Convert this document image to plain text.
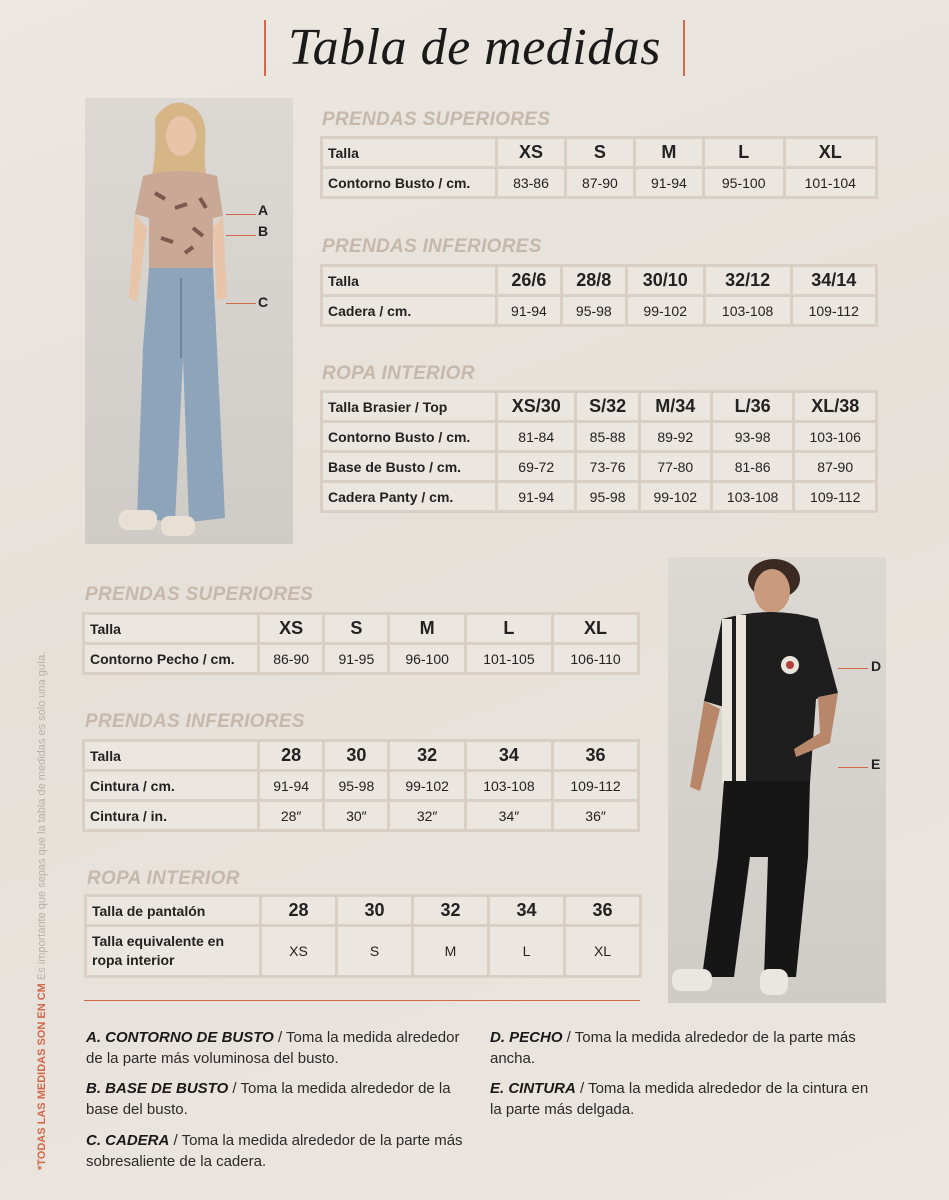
Tabla de medidas
A
B
C
PRENDAS SUPERIORES
Talla	XS	S	M	L	XL
Contorno Busto / cm.	83-86	87-90	91-94	95-100	101-104
PRENDAS INFERIORES
Talla	26/6	28/8	30/10	32/12	34/14
Cadera / cm.	91-94	95-98	99-102	103-108	109-112
ROPA INTERIOR
Talla Brasier / Top	XS/30	S/32	M/34	L/36	XL/38
Contorno Busto / cm.	81-84	85-88	89-92	93-98	103-106
Base de Busto / cm.	69-72	73-76	77-80	81-86	87-90
Cadera Panty / cm.	91-94	95-98	99-102	103-108	109-112
PRENDAS SUPERIORES
Talla	XS	S	M	L	XL
Contorno Pecho / cm.	86-90	91-95	96-100	101-105	106-110
PRENDAS INFERIORES
Talla	28	30	32	34	36
Cintura / cm.	91-94	95-98	99-102	103-108	109-112
Cintura / in.	28″	30″	32″	34″	36″
ROPA INTERIOR
Talla de pantalón	28	30	32	34	36
Talla equivalente en ropa interior	XS	S	M	L	XL
D
E
*TODAS LAS MEDIDAS SON EN CM Es importante que sepas que la tabla de medidas es solo una guía.
A. CONTORNO DE BUSTO / Toma la medida alrededor de la parte más voluminosa del busto.
B. BASE DE BUSTO / Toma la medida alrededor de la base del busto.
C. CADERA / Toma la medida alrededor de la parte más sobresaliente de la cadera.
D. PECHO / Toma la medida alrededor de la parte más ancha.
E. CINTURA / Toma la medida alrededor de la cintura en la parte más delgada.
